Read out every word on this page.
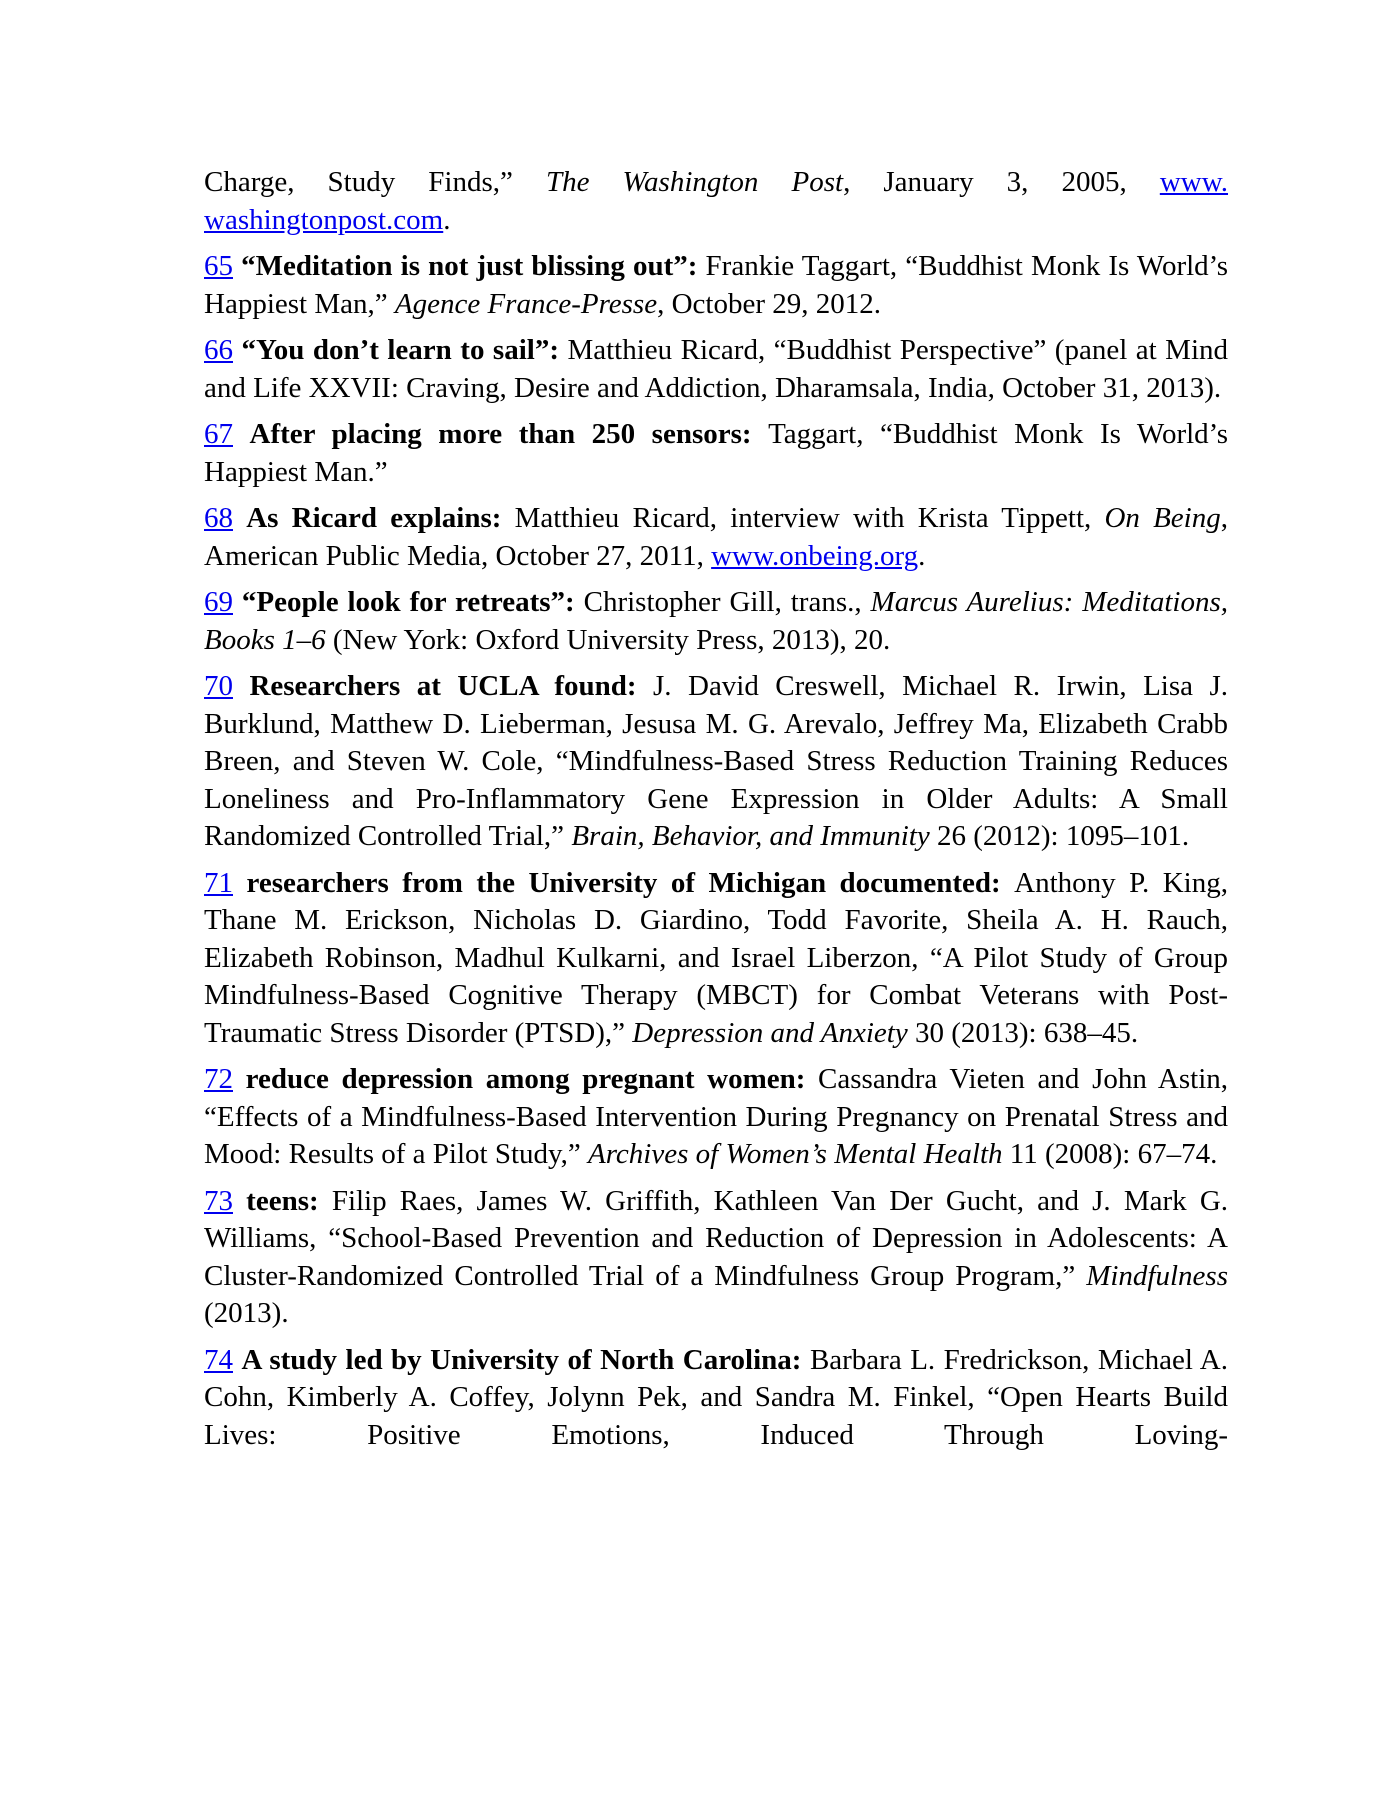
Charge, Study Finds,” The Washington Post, January 3, 2005, www.​washingtonpost.com.

65 “Meditation is not just blissing out”: Frankie Taggart, “Buddhist Monk Is World’s Happiest Man,” Agence France-Presse, October 29, 2012.

66 “You don’t learn to sail”: Matthieu Ricard, “Buddhist Perspective” (panel at Mind and Life XXVII: Craving, Desire and Addiction, Dharamsala, India, October 31, 2013).

67 After placing more than 250 sensors: Taggart, “Buddhist Monk Is World’s Happiest Man.”

68 As Ricard explains: Matthieu Ricard, interview with Krista Tippett, On Being, American Public Media, October 27, 2011, www.onbeing.org.

69 “People look for retreats”: Christopher Gill, trans., Marcus Aurelius: Meditations, Books 1–6 (New York: Oxford University Press, 2013), 20.

70 Researchers at UCLA found: J. David Creswell, Michael R. Irwin, Lisa J. Burklund, Matthew D. Lieberman, Jesusa M. G. Arevalo, Jeffrey Ma, Elizabeth Crabb Breen, and Steven W. Cole, “Mindfulness-Based Stress Reduction Training Reduces Loneliness and Pro-Inflammatory Gene Expression in Older Adults: A Small Randomized Controlled Trial,” Brain, Behavior, and Immunity 26 (2012): 1095–101.

71 researchers from the University of Michigan documented: Anthony P. King, Thane M. Erickson, Nicholas D. Giardino, Todd Favorite, Sheila A. H. Rauch, Elizabeth Robinson, Madhul Kulkarni, and Israel Liberzon, “A Pilot Study of Group Mindfulness-Based Cognitive Therapy (MBCT) for Combat Veterans with Post-Traumatic Stress Disorder (PTSD),” Depression and Anxiety 30 (2013): 638–45.

72 reduce depression among pregnant women: Cassandra Vieten and John Astin, “Effects of a Mindfulness-Based Intervention During Pregnancy on Prenatal Stress and Mood: Results of a Pilot Study,” Archives of Women’s Mental Health 11 (2008): 67–74.

73 teens: Filip Raes, James W. Griffith, Kathleen Van Der Gucht, and J. Mark G. Williams, “School-Based Prevention and Reduction of Depression in Adolescents: A Cluster-Randomized Controlled Trial of a Mindfulness Group Program,” Mindfulness (2013).

74 A study led by University of North Carolina: Barbara L. Fredrickson, Michael A. Cohn, Kimberly A. Coffey, Jolynn Pek, and Sandra M. Finkel, “Open Hearts Build Lives: Positive Emotions, Induced Through Loving-
